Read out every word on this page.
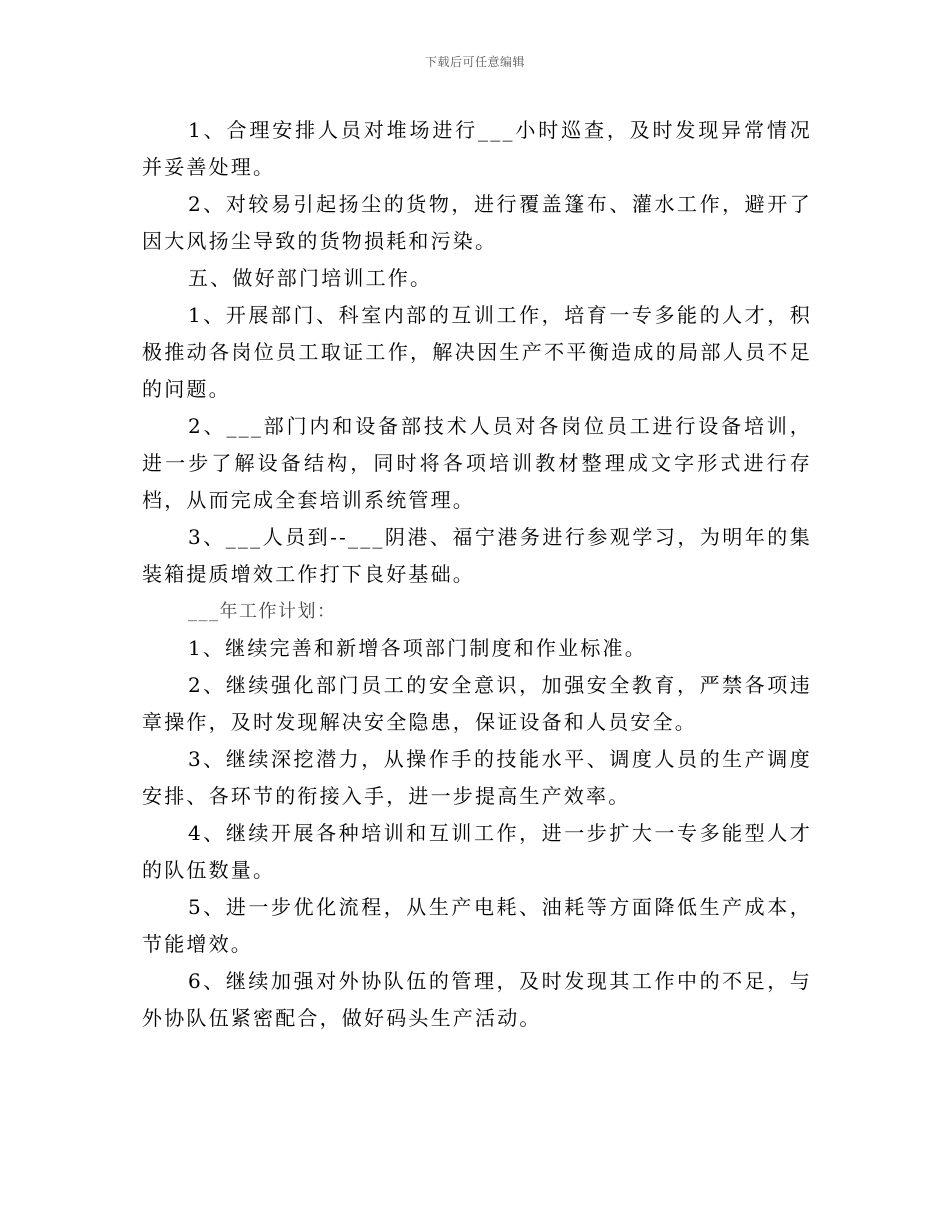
下载后可任意编辑

1、合理安排人员对堆场进行___小时巡查，及时发现异常情况并妥善处理。

2、对较易引起扬尘的货物，进行覆盖篷布、灌水工作，避开了因大风扬尘导致的货物损耗和污染。

五、做好部门培训工作。

1、开展部门、科室内部的互训工作，培育一专多能的人才，积极推动各岗位员工取证工作，解决因生产不平衡造成的局部人员不足的问题。

2、___部门内和设备部技术人员对各岗位员工进行设备培训，进一步了解设备结构，同时将各项培训教材整理成文字形式进行存档，从而完成全套培训系统管理。

3、___人员到--___阴港、福宁港务进行参观学习，为明年的集装箱提质增效工作打下良好基础。

___年工作计划：

1、继续完善和新增各项部门制度和作业标准。

2、继续强化部门员工的安全意识，加强安全教育，严禁各项违章操作，及时发现解决安全隐患，保证设备和人员安全。

3、继续深挖潜力，从操作手的技能水平、调度人员的生产调度安排、各环节的衔接入手，进一步提高生产效率。

4、继续开展各种培训和互训工作，进一步扩大一专多能型人才的队伍数量。

5、进一步优化流程，从生产电耗、油耗等方面降低生产成本，节能增效。

6、继续加强对外协队伍的管理，及时发现其工作中的不足，与外协队伍紧密配合，做好码头生产活动。
